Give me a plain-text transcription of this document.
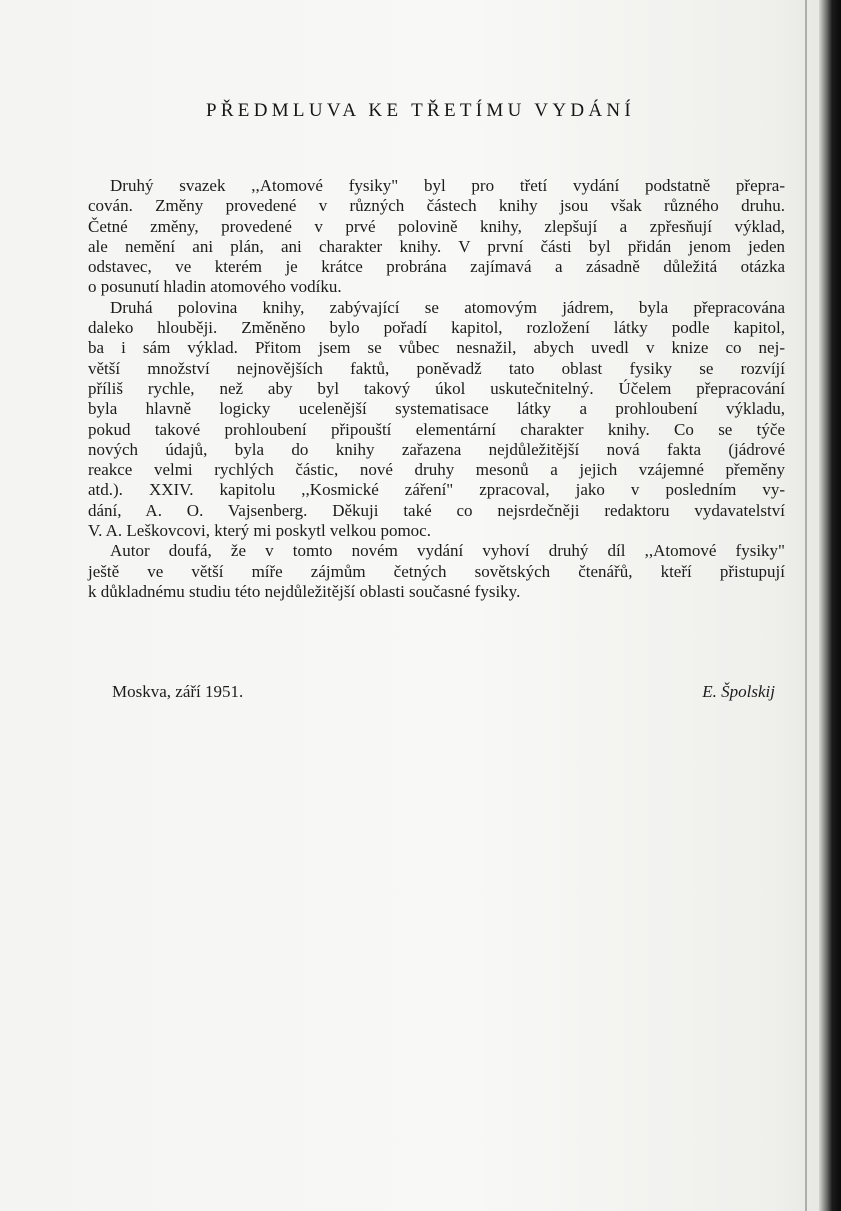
PŘEDMLUVA KE TŘETÍMU VYDÁNÍ
Druhý svazek ,,Atomové fysiky" byl pro třetí vydání podstatně přepra-
cován. Změny provedené v různých částech knihy jsou však různého druhu.
Četné změny, provedené v prvé polovině knihy, zlepšují a zpřesňují výklad,
ale nemění ani plán, ani charakter knihy. V první části byl přidán jenom jeden
odstavec, ve kterém je krátce probrána zajímavá a zásadně důležitá otázka
o posunutí hladin atomového vodíku.
Druhá polovina knihy, zabývající se atomovým jádrem, byla přepracována
daleko hlouběji. Změněno bylo pořadí kapitol, rozložení látky podle kapitol,
ba i sám výklad. Přitom jsem se vůbec nesnažil, abych uvedl v knize co nej-
větší množství nejnovějších faktů, poněvadž tato oblast fysiky se rozvíjí
příliš rychle, než aby byl takový úkol uskutečnitelný. Účelem přepracování
byla hlavně logicky ucelenější systematisace látky a prohloubení výkladu,
pokud takové prohloubení připouští elementární charakter knihy. Co se týče
nových údajů, byla do knihy zařazena nejdůležitější nová fakta (jádrové
reakce velmi rychlých částic, nové druhy mesonů a jejich vzájemné přeměny
atd.). XXIV. kapitolu ,,Kosmické záření" zpracoval, jako v posledním vy-
dání, A. O. Vajsenberg. Děkuji také co nejsrdečněji redaktoru vydavatelství
V. A. Leškovcovi, který mi poskytl velkou pomoc.
Autor doufá, že v tomto novém vydání vyhoví druhý díl ,,Atomové fysiky"
ještě ve větší míře zájmům četných sovětských čtenářů, kteří přistupují
k důkladnému studiu této nejdůležitější oblasti současné fysiky.
Moskva, září 1951.	E. Špolskij
